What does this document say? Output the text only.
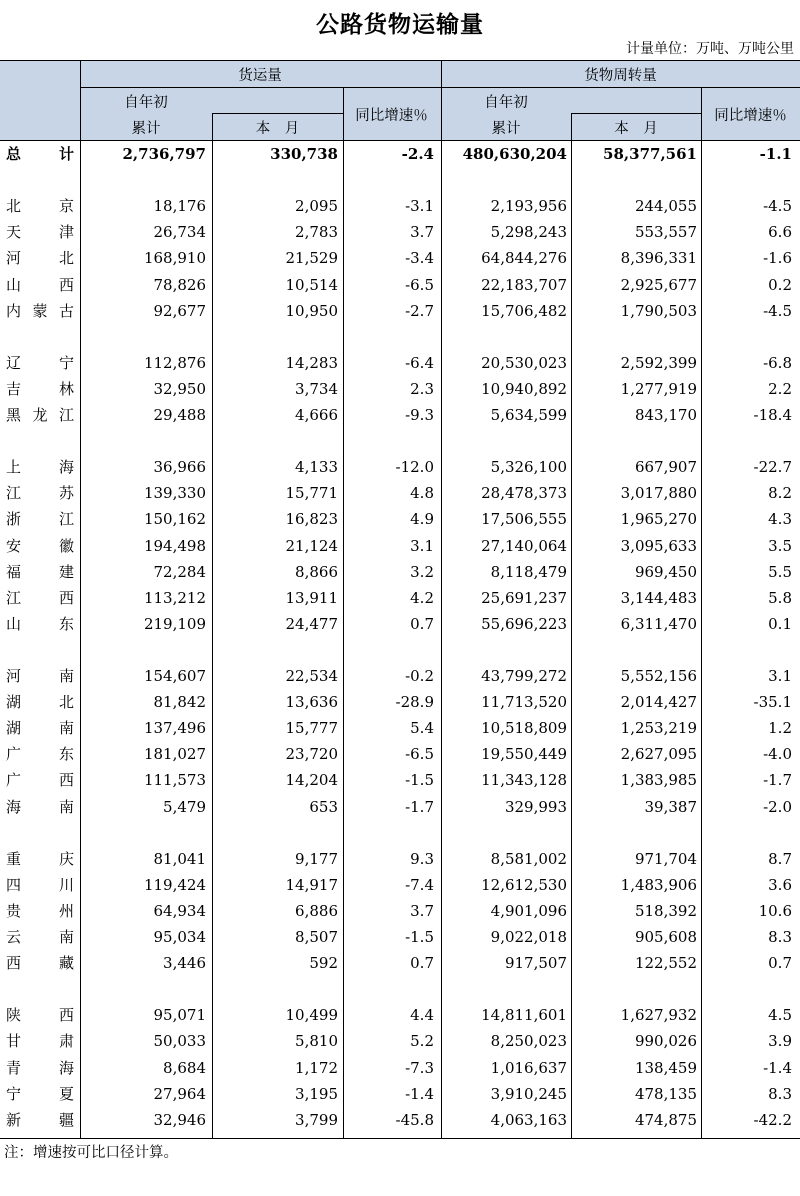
公路货物运输量
计量单位：万吨、万吨公里
货运量	货物周转量
自年初
累计	本　月
同比增速％
自年初
累计	本　月
同比增速％
总　计	2,736,797	330,738	-2.4	480,630,204	58,377,561	-1.1
北京	18,176	2,095	-3.1	2,193,956	244,055	-4.5
天津	26,734	2,783	3.7	5,298,243	553,557	6.6
河北	168,910	21,529	-3.4	64,844,276	8,396,331	-1.6
山西	78,826	10,514	-6.5	22,183,707	2,925,677	0.2
内蒙古	92,677	10,950	-2.7	15,706,482	1,790,503	-4.5
辽宁	112,876	14,283	-6.4	20,530,023	2,592,399	-6.8
吉林	32,950	3,734	2.3	10,940,892	1,277,919	2.2
黑龙江	29,488	4,666	-9.3	5,634,599	843,170	-18.4
上海	36,966	4,133	-12.0	5,326,100	667,907	-22.7
江苏	139,330	15,771	4.8	28,478,373	3,017,880	8.2
浙江	150,162	16,823	4.9	17,506,555	1,965,270	4.3
安徽	194,498	21,124	3.1	27,140,064	3,095,633	3.5
福建	72,284	8,866	3.2	8,118,479	969,450	5.5
江西	113,212	13,911	4.2	25,691,237	3,144,483	5.8
山东	219,109	24,477	0.7	55,696,223	6,311,470	0.1
河南	154,607	22,534	-0.2	43,799,272	5,552,156	3.1
湖北	81,842	13,636	-28.9	11,713,520	2,014,427	-35.1
湖南	137,496	15,777	5.4	10,518,809	1,253,219	1.2
广东	181,027	23,720	-6.5	19,550,449	2,627,095	-4.0
广西	111,573	14,204	-1.5	11,343,128	1,383,985	-1.7
海南	5,479	653	-1.7	329,993	39,387	-2.0
重庆	81,041	9,177	9.3	8,581,002	971,704	8.7
四川	119,424	14,917	-7.4	12,612,530	1,483,906	3.6
贵州	64,934	6,886	3.7	4,901,096	518,392	10.6
云南	95,034	8,507	-1.5	9,022,018	905,608	8.3
西藏	3,446	592	0.7	917,507	122,552	0.7
陕西	95,071	10,499	4.4	14,811,601	1,627,932	4.5
甘肃	50,033	5,810	5.2	8,250,023	990,026	3.9
青海	8,684	1,172	-7.3	1,016,637	138,459	-1.4
宁夏	27,964	3,195	-1.4	3,910,245	478,135	8.3
新疆	32,946	3,799	-45.8	4,063,163	474,875	-42.2
注：增速按可比口径计算。
